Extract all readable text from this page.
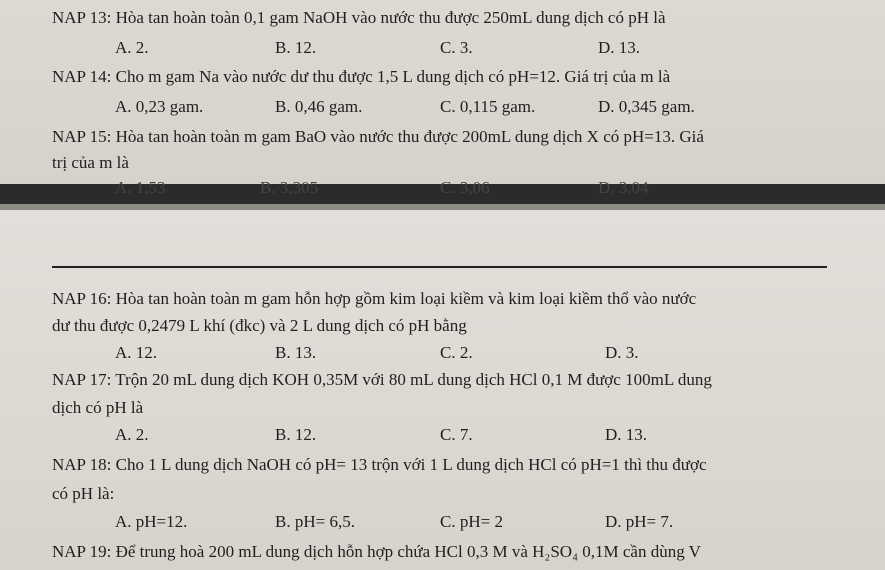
NAP 13: Hòa tan hoàn toàn 0,1 gam NaOH vào nước thu được 250mL dung dịch có pH là
A. 2.	B. 12.	C. 3.	D. 13.
NAP 14: Cho m gam Na vào nước dư thu được 1,5 L dung dịch có pH=12. Giá trị của m là
A. 0,23 gam.	B. 0,46 gam.	C. 0,115 gam.	D. 0,345 gam.
NAP 15: Hòa tan hoàn toàn m gam BaO vào nước thu được 200mL dung dịch X có pH=13. Giá
trị của m là
A. 1,53	B. 3,305	C. 3,06	D. 3,04
NAP 16: Hòa tan hoàn toàn m gam hỗn hợp gồm kim loại kiềm và kim loại kiềm thổ vào nước
dư thu được 0,2479 L khí (đkc) và 2 L dung dịch có pH bằng
A. 12.	B. 13.	C. 2.	D. 3.
NAP 17: Trộn 20 mL dung dịch KOH 0,35M với 80 mL dung dịch HCl 0,1 M được 100mL dung
dịch có pH là
A. 2.	B. 12.	C. 7.	D. 13.
NAP 18: Cho 1 L dung dịch NaOH có pH= 13 trộn với 1 L dung dịch HCl có pH=1 thì thu được
có pH là:
A. pH=12.	B. pH= 6,5.	C. pH= 2	D. pH= 7.
NAP 19: Để trung hoà 200 mL dung dịch hỗn hợp chứa HCl 0,3 M và H₂SO₄ 0,1M cần dùng V
